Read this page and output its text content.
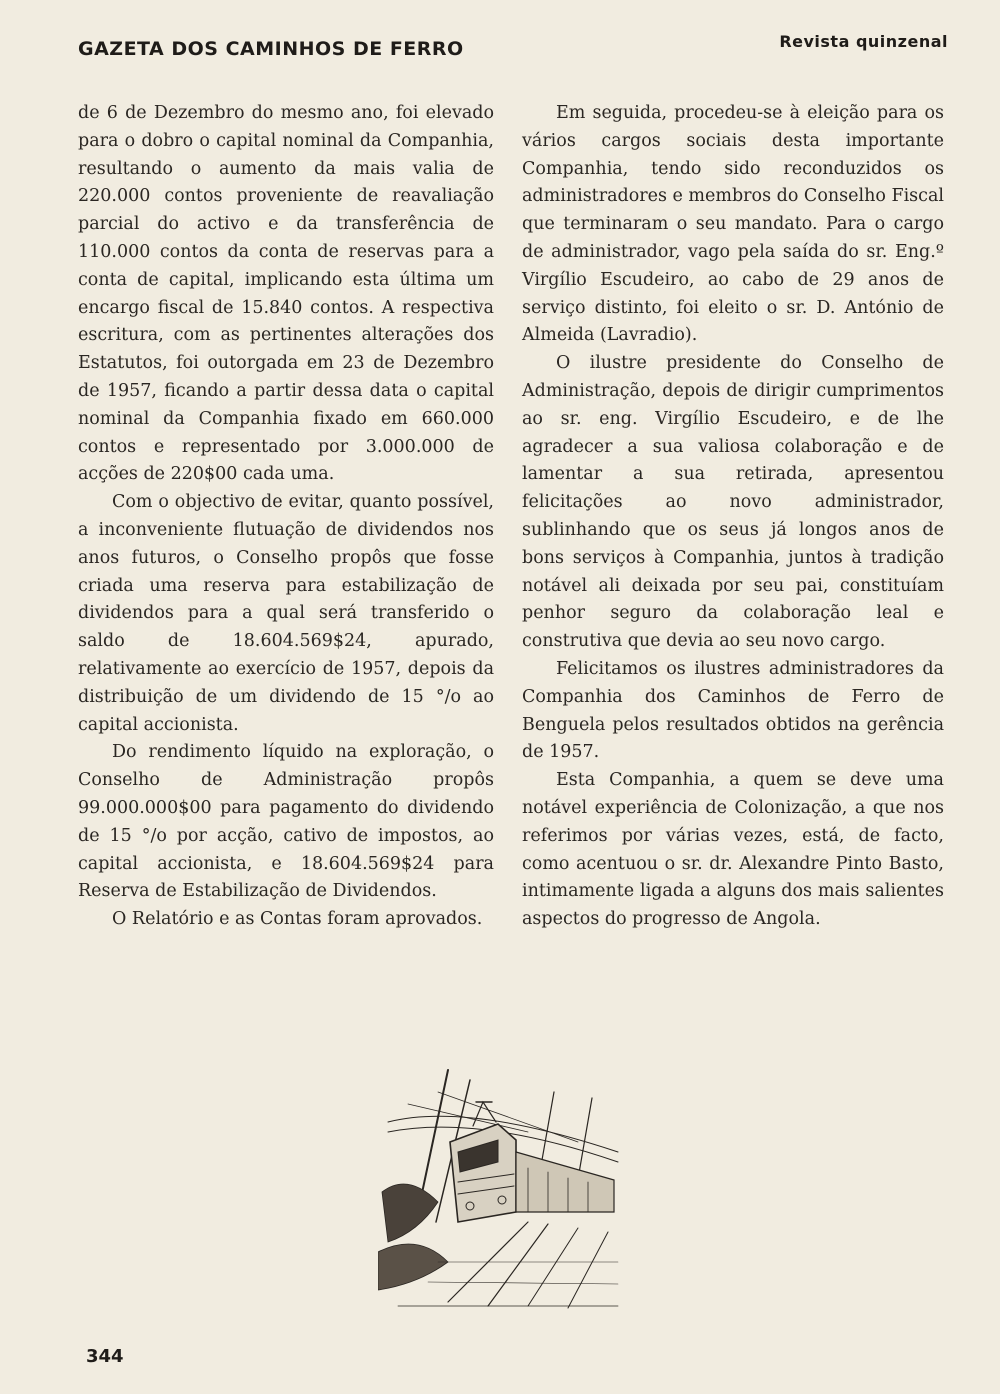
GAZETA DOS CAMINHOS DE FERRO	Revista quinzenal

de 6 de Dezembro do mesmo ano, foi elevado para o dobro o capital nominal da Companhia, resultando o aumento da mais valia de 220.000 contos proveniente de reavaliação parcial do activo e da transferência de 110.000 contos da conta de reservas para a conta de capital, implicando esta última um encargo fiscal de 15.840 contos. A respectiva escritura, com as pertinentes alterações dos Estatutos, foi outorgada em 23 de Dezembro de 1957, ficando a partir dessa data o capital nominal da Companhia fixado em 660.000 contos e representado por 3.000.000 de acções de 220$00 cada uma.

Com o objectivo de evitar, quanto possível, a inconveniente flutuação de dividendos nos anos futuros, o Conselho propôs que fosse criada uma reserva para estabilização de dividendos para a qual será transferido o saldo de 18.604.569$24, apurado, relativamente ao exercício de 1957, depois da distribuição de um dividendo de 15 °/o ao capital accionista.

Do rendimento líquido na exploração, o Conselho de Administração propôs 99.000.000$00 para pagamento do dividendo de 15 °/o por acção, cativo de impostos, ao capital accionista, e 18.604.569$24 para Reserva de Estabilização de Dividendos.

O Relatório e as Contas foram aprovados.

Em seguida, procedeu-se à eleição para os vários cargos sociais desta importante Companhia, tendo sido reconduzidos os administradores e membros do Conselho Fiscal que terminaram o seu mandato. Para o cargo de administrador, vago pela saída do sr. Eng.º Virgílio Escudeiro, ao cabo de 29 anos de serviço distinto, foi eleito o sr. D. António de Almeida (Lavradio).

O ilustre presidente do Conselho de Administração, depois de dirigir cumprimentos ao sr. eng. Virgílio Escudeiro, e de lhe agradecer a sua valiosa colaboração e de lamentar a sua retirada, apresentou felicitações ao novo administrador, sublinhando que os seus já longos anos de bons serviços à Companhia, juntos à tradição notável ali deixada por seu pai, constituíam penhor seguro da colaboração leal e construtiva que devia ao seu novo cargo.

Felicitamos os ilustres administradores da Companhia dos Caminhos de Ferro de Benguela pelos resultados obtidos na gerência de 1957.

Esta Companhia, a quem se deve uma notável experiência de Colonização, a que nos referimos por várias vezes, está, de facto, como acentuou o sr. dr. Alexandre Pinto Basto, intimamente ligada a alguns dos mais salientes aspectos do progresso de Angola.

344
